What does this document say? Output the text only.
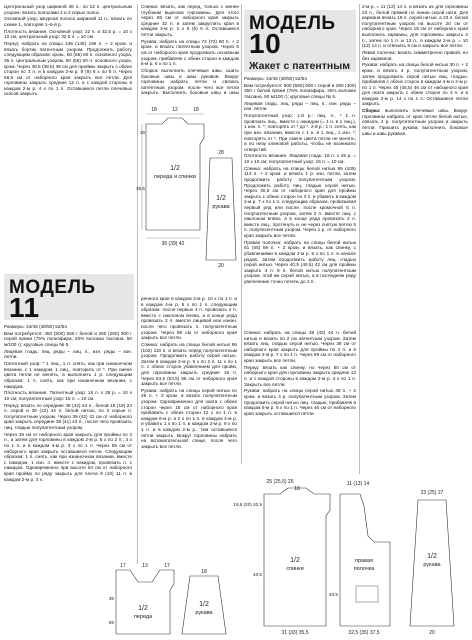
Центральный узор шириной 36 п.: по 12 п. центральным узором, вязать полосами 2 и 2 серых полос.

Основной узор, ажурная полоса шириной 11 п.: вязать по схеме 1, повторяя 1–6-й р.

Плотность вязания. Основной узор: 22 п. и 32,5 р. = 10 х 10 см; центральный узор: 32,5 п. = 10 см.

Перед: набрать на спицы 136 (146) 156 п. + 2 кром. и вязать бортик патентным узором. Продолжить работу следующим образом: кром., 50 (55) 60 п. основного узора, 36 п. центральным узором, 50 (55) 60 п. основного узора, кром. Через 38,5 (38,5) 38 см для проймы закрыть с обеих сторон по 3 п. и в каждом 2-м р. 9 (9) 8 х по 5 п. Через 58,5 см от наборного края закрыть все петли. Для горловины закрыть средние 12 п. и с каждой стороны в каждом 2-м р. 4 х по 1 п. Оставшиеся петли плечевых скосов закрыть.

Спинка: вязать, как перед, только с менее глубоким вырезом горловины. Для этого через 58 см от наборного края закрыть средние 32 п. и затем закруглить края в каждом 2-м р. 1 х 5 (5) 6 п. Оставшиеся петли закрыть.

Рукава: набрать на спицы 72 (72) 80 п. + 2 кром. и вязать патентным узором. Через 6 см от наборного края продолжить основным узором, прибавляя с обеих сторон в каждом 6-м р. 6 х по 1 п.

Сборка: выполнить плечевые швы, сшить боковые швы и швы рукавов. Вокруг горловины набрать петли и связать патентным узором, после чего все петли закрыть. Выполнить боковые швы и швы

МОДЕЛЬ 10
Жакет с патентным

Размеры: 44/46 (48/50) 52/54

Вам потребуется: 500 (550) 600 г серой и 250 (300) 350 г белой пряжи (75% полиэфира, 25% волокна таслана, 50 м/100 г); круговые спицы № 5.

Лицевая гладь: лиц. ряды – лиц. п., изн. ряды – изн. петли.

Полупатентный узор: 1-й р.: лиц. п., * 1 п. провязать лиц., вместе с накидом (= 1 н. в 1 лиц.), 1 изн. п. *; повторять от * до *. 2-й р.: 1 п. снять, как при изн. вязании, вместе с 1 н. в 1 лиц., 1 изн. *; повторять от *. При смене цвета петли не менять, а по низу клиновой работы, чтобы не возникало отверстий.

Плотность вязания. Лицевая гладь: 16 п. х 25 р. = 10 х 10 см; полупатентный узор: 15 п. = 10 см.

Спинка: набрать на спицы белой нитью 99 (105) 113 п. + 2 кром. и вязать 1 р. изн. петли, затем продолжить работу полупатентным узором. Продолжить работу лиц. гладью серой нитью. Через 40,5 см от наборного края для проймы закрыть с обеих сторон по 3 п. и убавить в каждом 2-м р. 7 х по 1 п. следующим образом, провязывая первый ряд или после, после кромочной 5 п. полупатентным узором, затем 2 п. вместе лиц. с наклоном влево, а в конце ряда провязать 2 п. вместе лиц., протянуть и, не через снятую петлю 5 п. полупатентным узором. Через 1 р. от наборного края закрыть все петли.

Правая полочка: набрать на спицы белой нитью 51 (55) 59 п. + 2 кром. и вязать, как спинку, с убавлениями в каждом 2-м р. 6 х по 1 п. в начале рядов. Затем продолжить работу лиц. гладью серой нитью. Через 40,5 (40,5) 42 см для проймы закрыть 3 п. 9 п. белой нитью полупатентным узором, этой же серой нитью, а в последнем ряду увеличение точно петель до 2 п.

2-м р. = 11 (12) 14 п. и вязать их для горловины 23 п., белой пряжей по линии серой нити. Для кармана вязать 19 п. серой нитью, а 23 п. белой полупатентным узором на высоте 20 см от наборного края. Через 18 см от наборного края выполнить карманы, для горловины закрыть 2 п., затем по 1 п. ы 12 п., в каждом 2-м р. = 10 (12) 14 п. и отвязать 9 см и закрыть все петли.

Левая полочка: вязать симметрично правой, но без карманов.

Рукава: набрать на спицы белой нитью 30 п. + 2 кром. и вязать 4 р. полупатентным узором, затем продолжить серой нитью лиц. гладью, прибавляя с обеих сторон в каждом 4-м и 2-м р. по 1 п. Через 45 (45,5) 46 см от наборного края для оката закрыть с обеих сторон по 3 п. и в каждом 2-м р. 14 х по 1 п. Оставшиеся петли закрыть.

Сборка: выполнить плечевые швы. Вокруг горловины набрать от края петли белой нитью, связать 4 р. полупатентным узором и закрыть петли. Пришить рукава, выполнить боковые швы и швы рукавов.

МОДЕЛЬ 11

Размеры: 44/46 (48/50) 52/54

Вам потребуется: 450 (500) 550 г белой и 250 (250) 300 г серой пряжи (75% полиэфира, 25% волокна таслана, 50 м/100 г); круговые спицы № 5.

Лицевая гладь: лиц. ряды – лиц. п., изн. ряды – изн. петли.

Патентный узор: * 1 лиц., 1 п. снять, как при изнаночном вязании, с 1 накидом, 1 лиц., повторить от *. При смене цвета петли не менять, а выполнить 1 р. следующим образом: 1 п. снять, как при изнаночном вязании, с накидом.

Плотность вязания. Патентный узор: 16 п. х 28 р. = 10 х 10 см; полупатентный узор: 15 п. = 10 см.

Перед: вязать по середине 39 (42) 44 п., белой 19 (19) 23 п. серой и 39 (42) 44 п. белой нитью, по 3 серые п. полупатентным узором. Через 36 (42) 41 см от наборного края закрыть середине 38 (41) 43 п., после чего провязать лиц. гладью полупатентным узором.

Через 39 см от наборного края закрыть для проймы по 3 п., а затем для горловины в каждом 2-м р. 5 х по 2 п.; 4 х по 1 п. и в каждом 4-м р. 3 х по 1 п. Через 59 см от наборного края закрыть оставшиеся петли. Следующим образом: 1 п. снять, как при изнаночном вязании, вместе с накидом, 1 изн. п. вместе с накидом, провязать п. с накидом. Одновременно при высоте 54 см от наборного края пройму по ряду закрыть для плеча 9 (10) 11 п. в каждом 2-м р. 3 х.

ренного края в каждом 2-м р. 10 х по 1 п. и в каждом 4-м р. 5 х по 1 п. следующим образом: после первых 3 п. провязать 2 п. вместе с наклоном влево, а в конце ряда провязать 2 п. вместе лицевой или изнан. после чего провязать п. полупатентным узором. Через 59 см от наборного края закрыть все петли.

Спинка: набрать на спицы белой нитью 96 (102) 110 п. и вязать перед полупатентным узором. Продолжить работу серой нитью. Затем в каждом 2-м р. 5 х по 2 п. 11 х по 1 п. с обеих сторон убавлением для пройм, для горловины закрыть средние 16 п. Через 63,5 (63,5) 65 см от наборного края закрыть все петли.

Рукава: набрать на спицы серой нитью по 49 п. + 2 кром. и вязать полупатентным узором. Одновременно для оката с обеих сторон через 15 см от наборного края прибавить с обеих сторон 12 х по 1 п. в каждом 6-м р. и 2 х по 1 п. в каждом 4-м р. и убавить 1 х по 1 п. в каждом 2-м р. 9 х по 1 п. и в каждом 2-м р., тем оставшиеся петли закрыть. Вокруг горловины набрать на вспомогательной спице, после чего закрыть все петли.

Спинка: набрать на спицы 38 (42) 44 п. белой нитью и вязать по 2 см патентным узором. Затем вязать лиц. гладью серой нитью. Через 39 см от наборного края закрыть для проймы по 3 п. и в каждом 2-м р. 7 х по 1 п. Через 59 см от наборного края закрыть все петли.

Перед: вязать как спинку, но через 50 см от наборного края для горловины закрыть средние 12 п. и с каждой стороны в каждом 2-м р. 4 х по 1 п. Закрыть все петли.

Рукава: набрать на спицы серой нитью 38 п. + 2 кром. и вязать 4 р. полупатентным узором. Затем продолжить серой нитью лиц. гладью, прибавляя в каждом 6-м р. 6 х по 1 п. Через 46 см от наборного края закрыть оставшиеся петли.

18	12	18
1/2
переда и спинки
36 (39) 42
1/2
рукава
20
28
19
38,5
17	13	17
18
1/2
переда
1/2
рукава
39
59
25 (25,5) 26
18
11 (13) 14
23 (25) 27
1/2
спинки
правая
полочка
1/2
рукава
31 (33) 35,5	32,5 (35) 37,5	20
19,5 (20) 20,5
40,5
40,5
